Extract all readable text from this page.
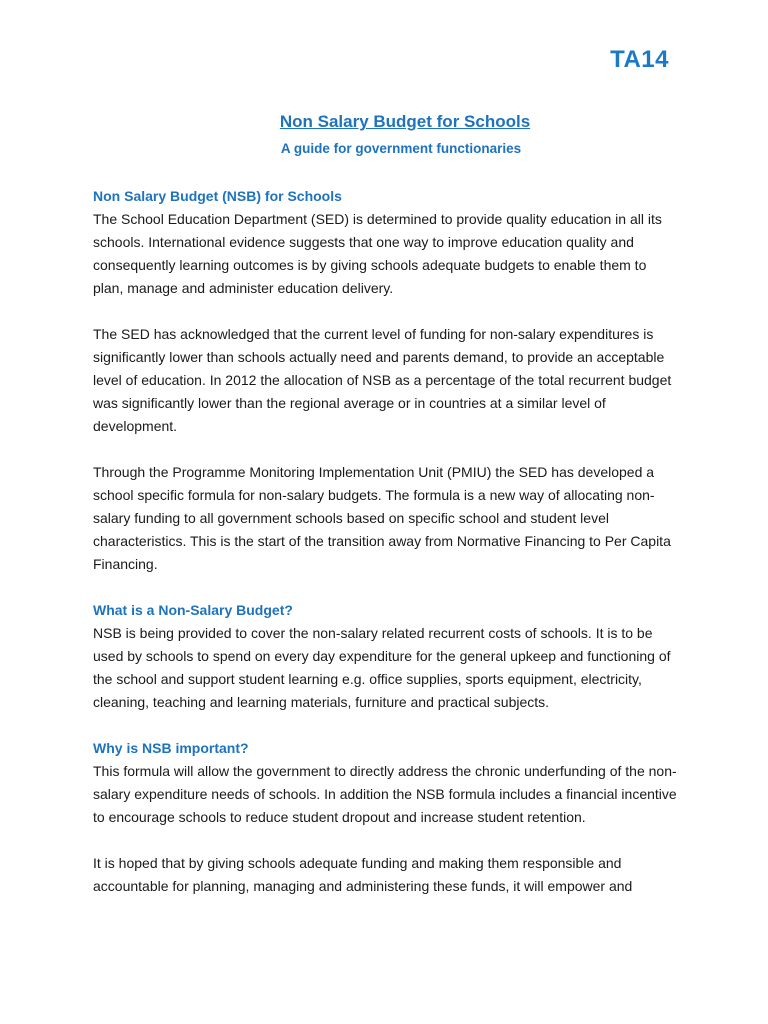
TA14
Non Salary Budget for Schools
A guide for government functionaries

Non Salary Budget (NSB) for Schools

The School Education Department (SED) is determined to provide quality education in all its schools. International evidence suggests that one way to improve education quality and consequently learning outcomes is by giving schools adequate budgets to enable them to plan, manage and administer education delivery.

The SED has acknowledged that the current level of funding for non-salary expenditures is significantly lower than schools actually need and parents demand, to provide an acceptable level of education. In 2012 the allocation of NSB as a percentage of the total recurrent budget was significantly lower than the regional average or in countries at a similar level of development.

Through the Programme Monitoring Implementation Unit (PMIU) the SED has developed a school specific formula for non-salary budgets. The formula is a new way of allocating non-salary funding to all government schools based on specific school and student level characteristics. This is the start of the transition away from Normative Financing to Per Capita Financing.

What is a Non-Salary Budget?

NSB is being provided to cover the non-salary related recurrent costs of schools. It is to be used by schools to spend on every day expenditure for the general upkeep and functioning of the school and support student learning e.g. office supplies, sports equipment, electricity, cleaning, teaching and learning materials, furniture and practical subjects.

Why is NSB important?

This formula will allow the government to directly address the chronic underfunding of the non-salary expenditure needs of schools. In addition the NSB formula includes a financial incentive to encourage schools to reduce student dropout and increase student retention.

It is hoped that by giving schools adequate funding and making them responsible and accountable for planning, managing and administering these funds, it will empower and
